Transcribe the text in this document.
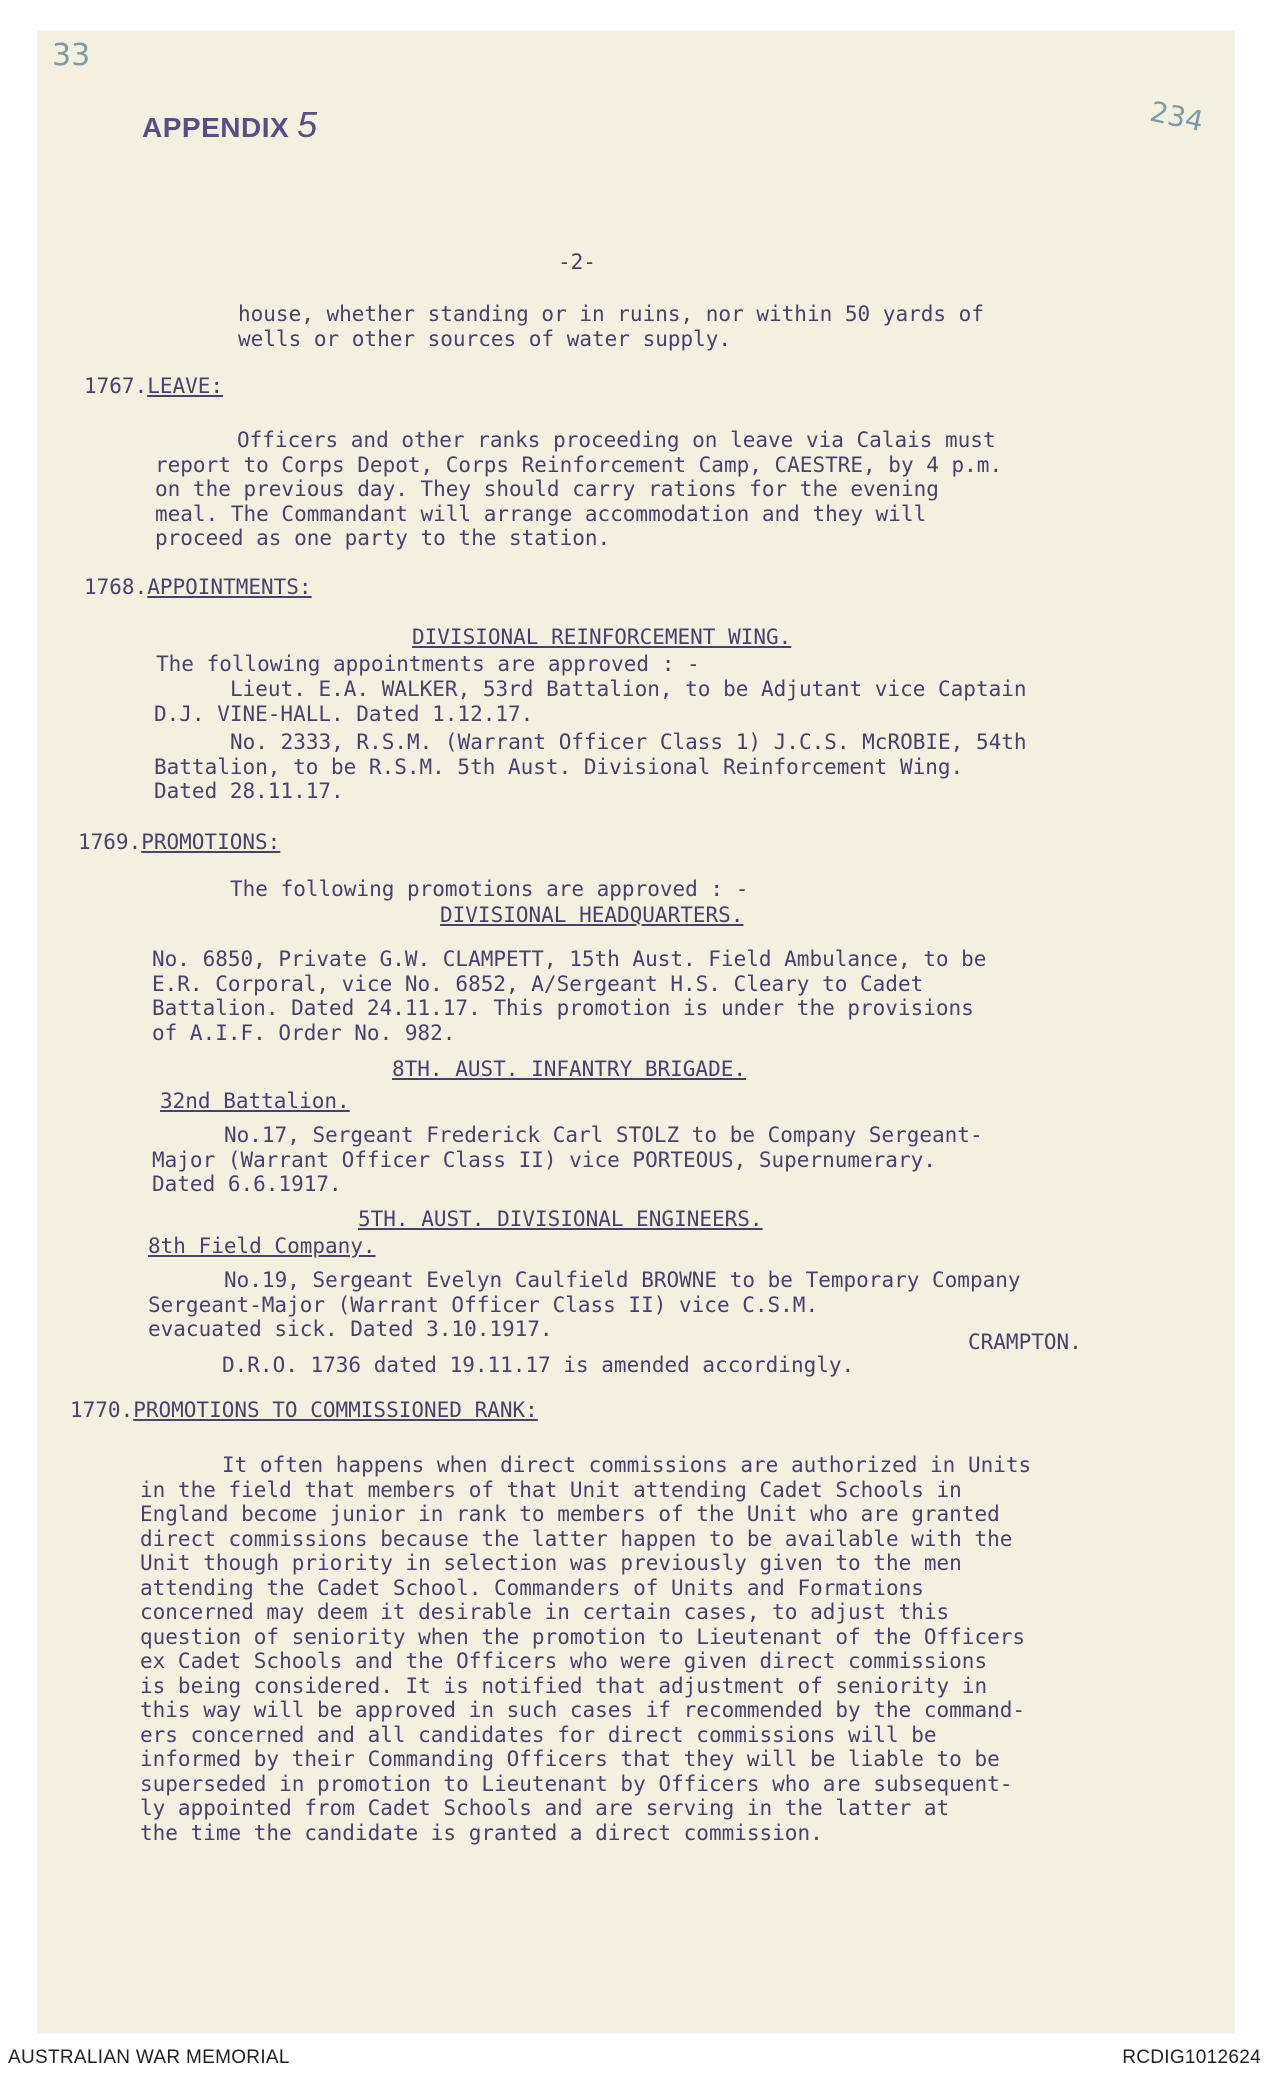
33
234
APPENDIX 5
-2-
house, whether standing or in ruins, nor within 50 yards of
wells or other sources of water supply.
1767.LEAVE:
Officers and other ranks proceeding on leave via Calais must
report to Corps Depot, Corps Reinforcement Camp, CAESTRE, by 4 p.m.
on the previous day. They should carry rations for the evening
meal. The Commandant will arrange accommodation and they will
proceed as one party to the station.
1768.APPOINTMENTS:
DIVISIONAL REINFORCEMENT WING.
The following appointments are approved : -
Lieut. E.A. WALKER, 53rd Battalion, to be Adjutant vice Captain
D.J. VINE-HALL. Dated 1.12.17.
No. 2333, R.S.M. (Warrant Officer Class 1) J.C.S. McROBIE, 54th
Battalion, to be R.S.M. 5th Aust. Divisional Reinforcement Wing.
Dated 28.11.17.
1769.PROMOTIONS:
The following promotions are approved : -
DIVISIONAL HEADQUARTERS.
No. 6850, Private G.W. CLAMPETT, 15th Aust. Field Ambulance, to be
E.R. Corporal, vice No. 6852, A/Sergeant H.S. Cleary to Cadet
Battalion. Dated 24.11.17. This promotion is under the provisions
of A.I.F. Order No. 982.
8TH. AUST. INFANTRY BRIGADE.
32nd Battalion.
No.17, Sergeant Frederick Carl STOLZ to be Company Sergeant-
Major (Warrant Officer Class II) vice PORTEOUS, Supernumerary.
Dated 6.6.1917.
5TH. AUST. DIVISIONAL ENGINEERS.
8th Field Company.
No.19, Sergeant Evelyn Caulfield BROWNE to be Temporary Company
Sergeant-Major (Warrant Officer Class II) vice C.S.M.
evacuated sick. Dated 3.10.1917.
CRAMPTON.
D.R.O. 1736 dated 19.11.17 is amended accordingly.
1770.PROMOTIONS TO COMMISSIONED RANK:
It often happens when direct commissions are authorized in Units
in the field that members of that Unit attending Cadet Schools in
England become junior in rank to members of the Unit who are granted
direct commissions because the latter happen to be available with the
Unit though priority in selection was previously given to the men
attending the Cadet School. Commanders of Units and Formations
concerned may deem it desirable in certain cases, to adjust this
question of seniority when the promotion to Lieutenant of the Officers
ex Cadet Schools and the Officers who were given direct commissions
is being considered. It is notified that adjustment of seniority in
this way will be approved in such cases if recommended by the command-
ers concerned and all candidates for direct commissions will be
informed by their Commanding Officers that they will be liable to be
superseded in promotion to Lieutenant by Officers who are subsequent-
ly appointed from Cadet Schools and are serving in the latter at
the time the candidate is granted a direct commission.
AUSTRALIAN WAR MEMORIAL	RCDIG1012624
